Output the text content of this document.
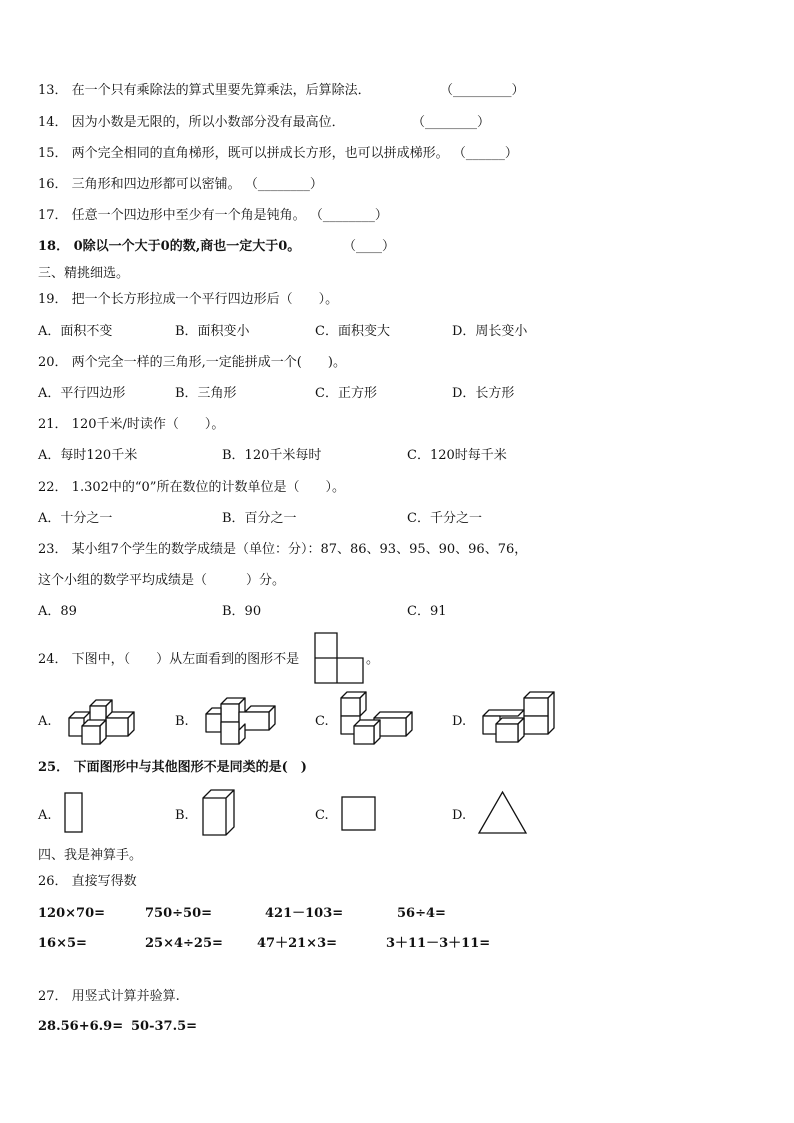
13． 在一个只有乘除法的算式里要先算乘法，后算除法．	（_________）
14． 因为小数是无限的，所以小数部分没有最高位．	（________）
15． 两个完全相同的直角梯形，既可以拼成长方形，也可以拼成梯形。 （______）
16． 三角形和四边形都可以密铺。 （________）
17． 任意一个四边形中至少有一个角是钝角。 （________）
18． 0除以一个大于0的数,商也一定大于0。	（____）
三、精挑细选。
19． 把一个长方形拉成一个平行四边形后（　　）。
A．面积不变	B．面积变小	C．面积变大	D．周长变小
20． 两个完全一样的三角形,一定能拼成一个(　　)。
A．平行四边形	B．三角形	C．正方形	D．长方形
21． 120千米/时读作（　　）。
A．每时120千米	B．120千米每时	C．120时每千米
22． 1.302中的“0”所在数位的计数单位是（　　）。
A．十分之一	B．百分之一	C．千分之一
23． 某小组7个学生的数学成绩是（单位：分）：87、86、93、95、90、96、76，
这个小组的数学平均成绩是（　　　）分。
A．89	B．90	C．91
24． 下图中，（　　）从左面看到的图形不是	。
A.	B.	C.	D.
25． 下面图形中与其他图形不是同类的是(　)
A.	B.	C.	D.
四、我是神算手。
26． 直接写得数
120×70=	750÷50=	421－103=	56÷4=
16×5=	25×4÷25=	47＋21×3=	3＋11－3＋11=
27． 用竖式计算并验算.
28.56+6.9= 50-37.5=
